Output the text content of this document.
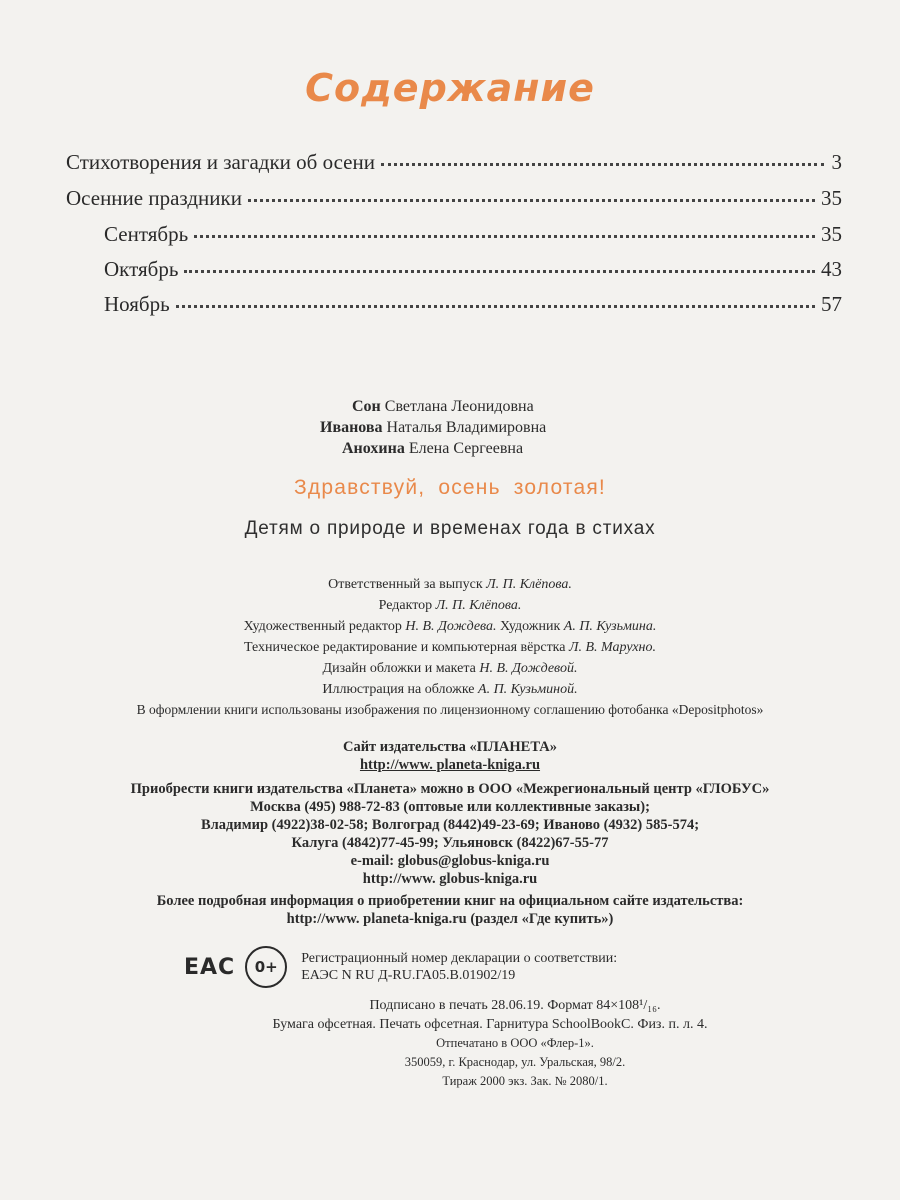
Содержание
Стихотворения и загадки об осени	3
Осенние праздники	35
Сентябрь	35
Октябрь	43
Ноябрь	57
Сон Светлана Леонидовна
Иванова Наталья Владимировна
Анохина Елена Сергеевна
Здравствуй, осень золотая!
Детям о природе и временах года в стихах
Ответственный за выпуск Л. П. Клёпова.
Редактор Л. П. Клёпова.
Художественный редактор Н. В. Дождева. Художник А. П. Кузьмина.
Техническое редактирование и компьютерная вёрстка Л. В. Марухно.
Дизайн обложки и макета Н. В. Дождевой.
Иллюстрация на обложке А. П. Кузьминой.
В оформлении книги использованы изображения по лицензионному соглашению фотобанка «Depositphotos»
Сайт издательства «ПЛАНЕТА»
http://www. planeta-kniga.ru
Приобрести книги издательства «Планета» можно в ООО «Межрегиональный центр «ГЛОБУС»
Москва (495) 988-72-83 (оптовые или коллективные заказы);
Владимир (4922)38-02-58; Волгоград (8442)49-23-69; Иваново (4932) 585-574;
Калуга (4842)77-45-99; Ульяновск (8422)67-55-77
e-mail: globus@globus-kniga.ru
http://www. globus-kniga.ru
Более подробная информация о приобретении книг на официальном сайте издательства:
http://www. planeta-kniga.ru (раздел «Где купить»)
ЕАС	0+	Регистрационный номер декларации о соответствии:
ЕАЭС N RU Д-RU.ГА05.В.01902/19
Подписано в печать 28.06.19. Формат 84×108¹/₁₆.
Бумага офсетная. Печать офсетная. Гарнитура SchoolBookC. Физ. п. л. 4.
Отпечатано в ООО «Флер-1».
350059, г. Краснодар, ул. Уральская, 98/2.
Тираж 2000 экз. Зак. № 2080/1.
